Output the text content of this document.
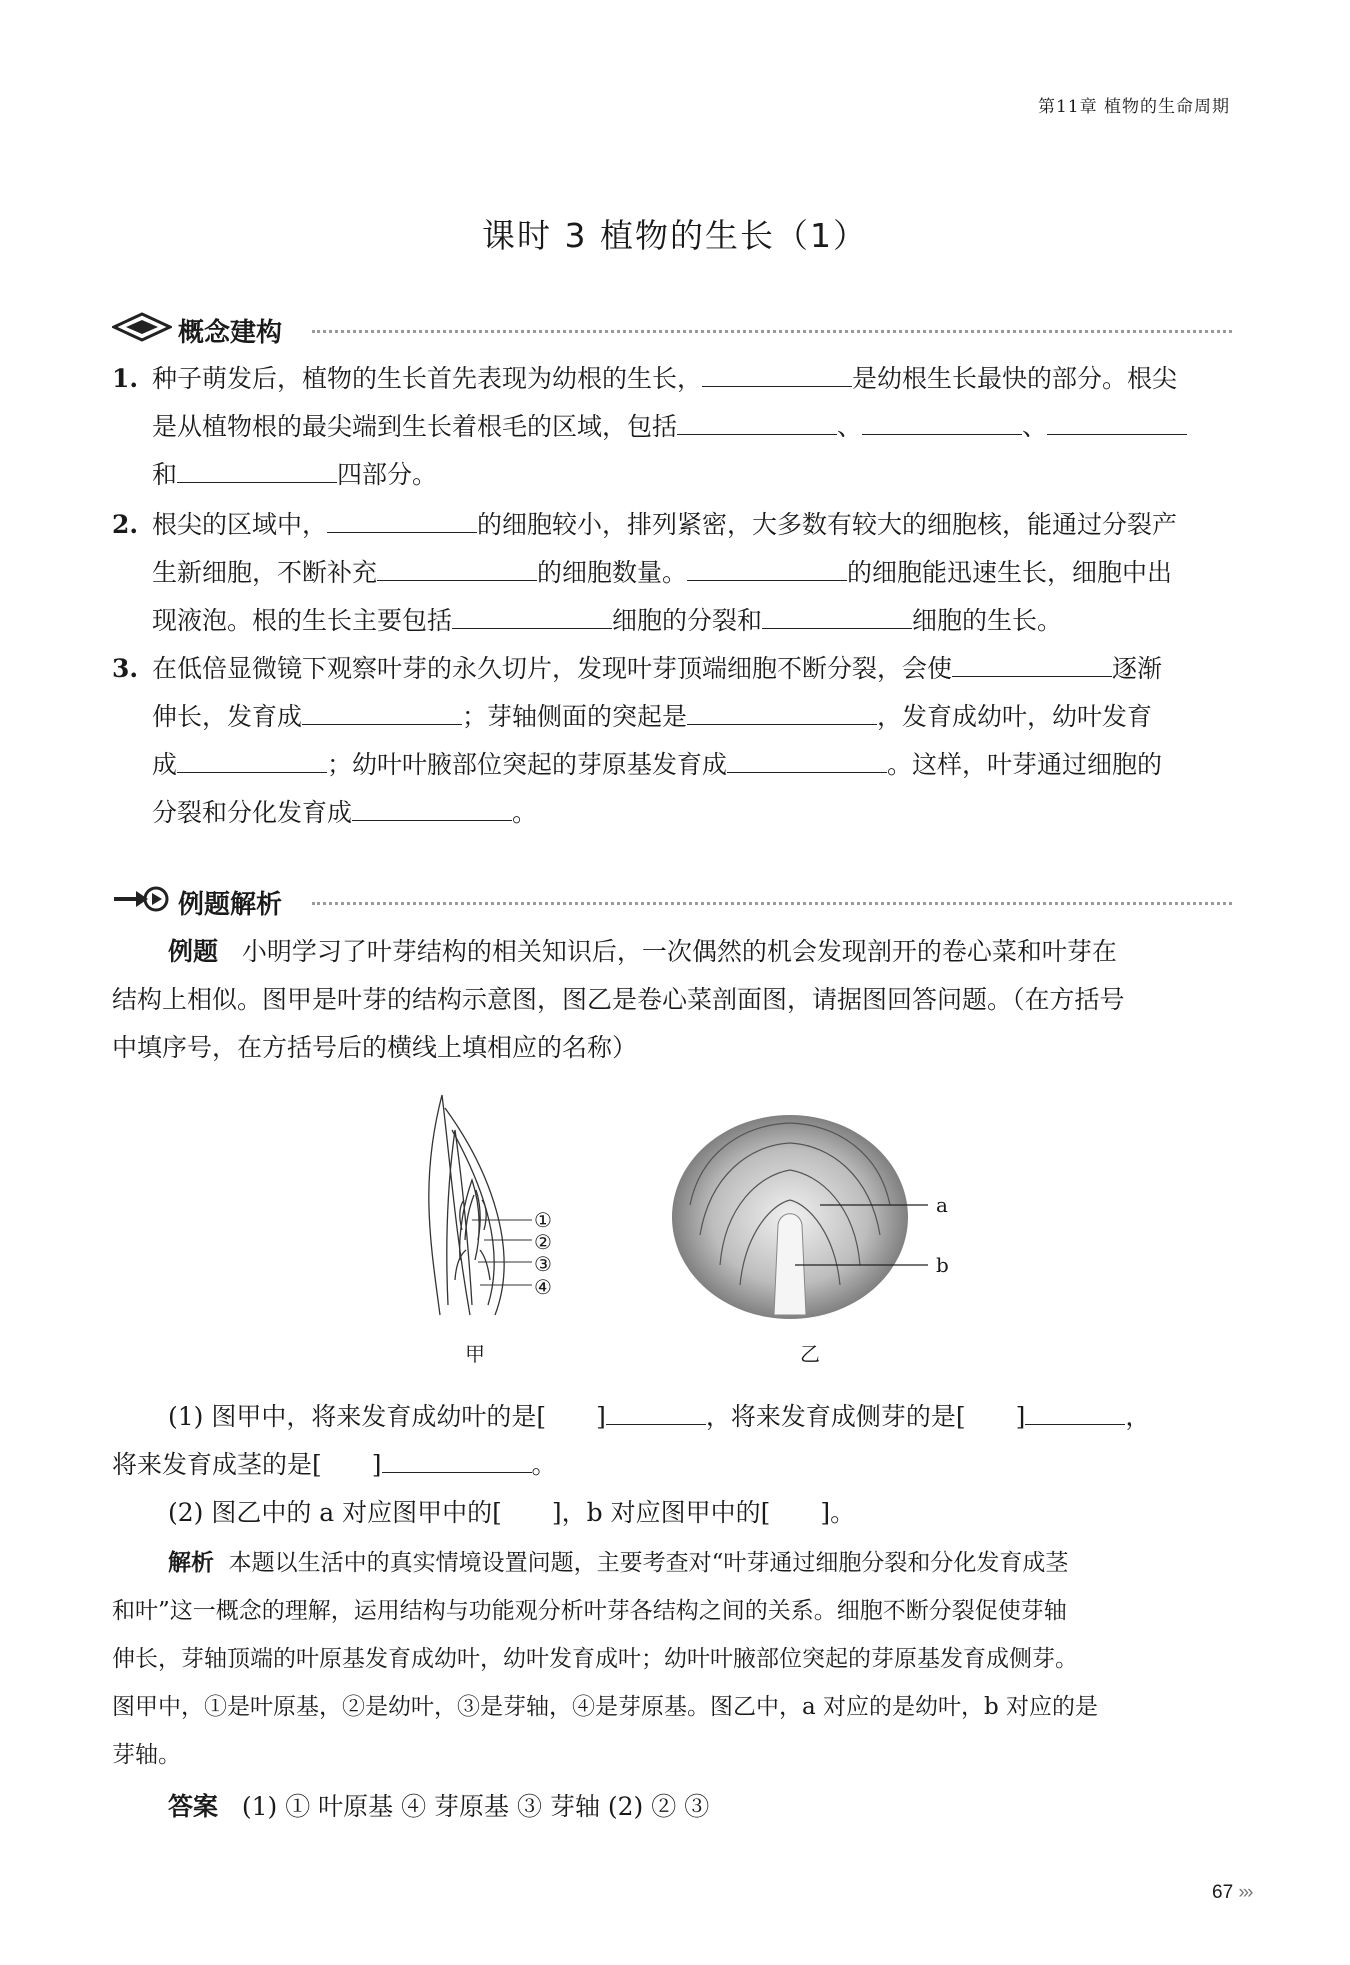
第11章 植物的生命周期
课时 3 植物的生长（1）
概念建构
1. 种子萌发后，植物的生长首先表现为幼根的生长，	是幼根生长最快的部分。根尖
是从植物根的最尖端到生长着根毛的区域，包括	、	、
和	四部分。
2. 根尖的区域中，	的细胞较小，排列紧密，大多数有较大的细胞核，能通过分裂产
生新细胞，不断补充	的细胞数量。	的细胞能迅速生长，细胞中出
现液泡。根的生长主要包括	细胞的分裂和	细胞的生长。
3. 在低倍显微镜下观察叶芽的永久切片，发现叶芽顶端细胞不断分裂，会使	逐渐
伸长，发育成	；芽轴侧面的突起是	，发育成幼叶，幼叶发育
成	；幼叶叶腋部位突起的芽原基发育成	。这样，叶芽通过细胞的
分裂和分化发育成	。
例题解析
例题 小明学习了叶芽结构的相关知识后，一次偶然的机会发现剖开的卷心菜和叶芽在
结构上相似。图甲是叶芽的结构示意图，图乙是卷心菜剖面图，请据图回答问题。（在方括号
中填序号，在方括号后的横线上填相应的名称）
①
②
③
④
甲
a
b
乙
(1) 图甲中，将来发育成幼叶的是[ ]	，将来发育成侧芽的是[ ]	，
将来发育成茎的是[ ]	。
(2) 图乙中的 a 对应图甲中的[ ]，b 对应图甲中的[ ]。
解析 本题以生活中的真实情境设置问题，主要考查对“叶芽通过细胞分裂和分化发育成茎
和叶”这一概念的理解，运用结构与功能观分析叶芽各结构之间的关系。细胞不断分裂促使芽轴
伸长，芽轴顶端的叶原基发育成幼叶，幼叶发育成叶；幼叶叶腋部位突起的芽原基发育成侧芽。
图甲中，①是叶原基，②是幼叶，③是芽轴，④是芽原基。图乙中，a 对应的是幼叶，b 对应的是
芽轴。
答案 (1) ① 叶原基 ④ 芽原基 ③ 芽轴 (2) ② ③
67 ›››
